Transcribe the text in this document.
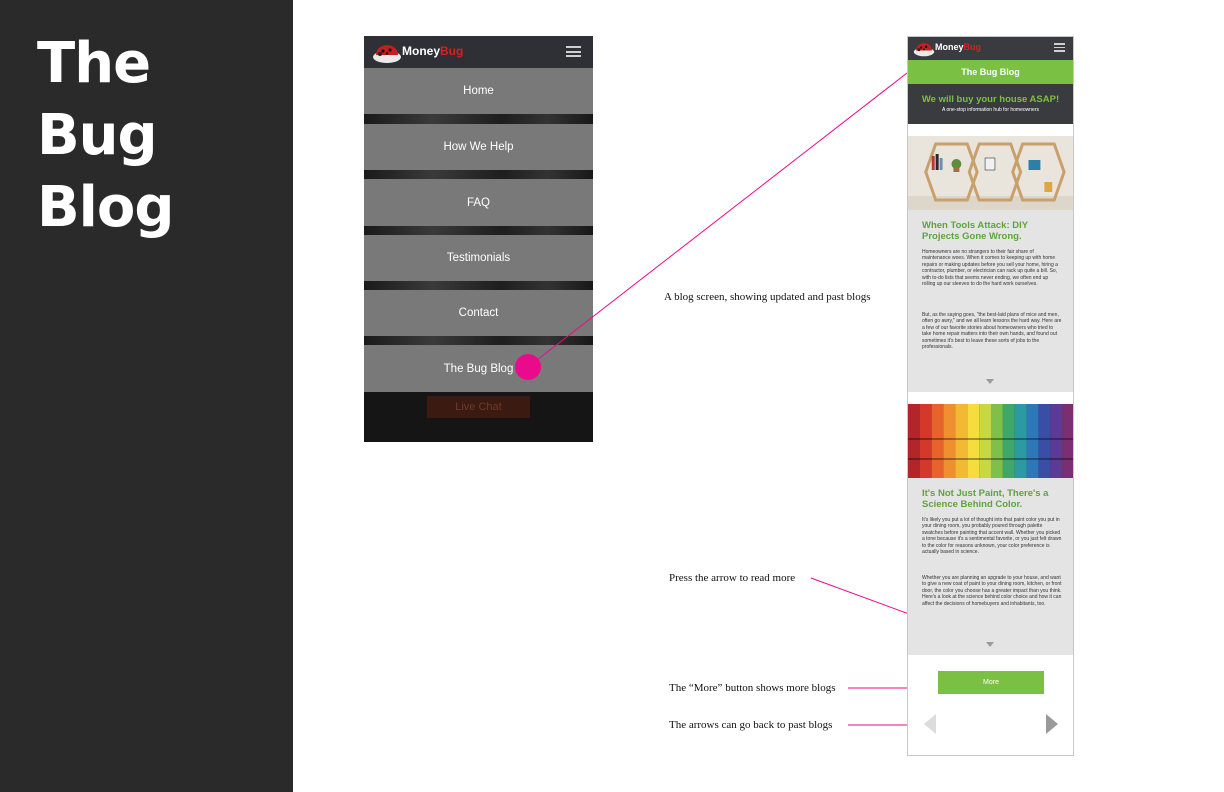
The
Bug
Blog
MoneyBug
Home
How We Help
FAQ
Testimonials
Contact
The Bug Blog
Live Chat
A blog screen, showing updated and past blogs
Press the arrow to read more
The “More” button shows more blogs
The arrows can go back to past blogs
MoneyBug
The Bug Blog
We will buy your house ASAP!
A one-stop information hub for homeowners
When Tools Attack: DIY Projects Gone Wrong.
Homeowners are no strangers to their fair share of maintenance woes. When it comes to keeping up with home repairs or making updates before you sell your home, hiring a contractor, plumber, or electrician can rack up quite a bill. So, with to-do lists that seems never ending, we often end up rolling up our sleeves to do the hard work ourselves.
But, as the saying goes, "the best-laid plans of mice and men, often go awry," and we all learn lessons the hard way. Here are a few of our favorite stories about homeowners who tried to take home repair matters into their own hands, and found out sometimes it's best to leave these sorts of jobs to the professionals.
It's Not Just Paint, There's a Science Behind Color.
It's likely you put a lot of thought into that paint color you put in your dining room, you probably poured through palette swatches before painting that accent wall. Whether you picked a tone because it's a sentimental favorite, or you just felt drawn to the color for reasons unknown, your color preference is actually based in science.
Whether you are planning an upgrade to your house, and want to give a new coat of paint to your dining room, kitchen, or front door, the color you choose has a greater impact than you think. Here's a look at the science behind color choice and how it can affect the decisions of homebuyers and inhabitants, too.
More
